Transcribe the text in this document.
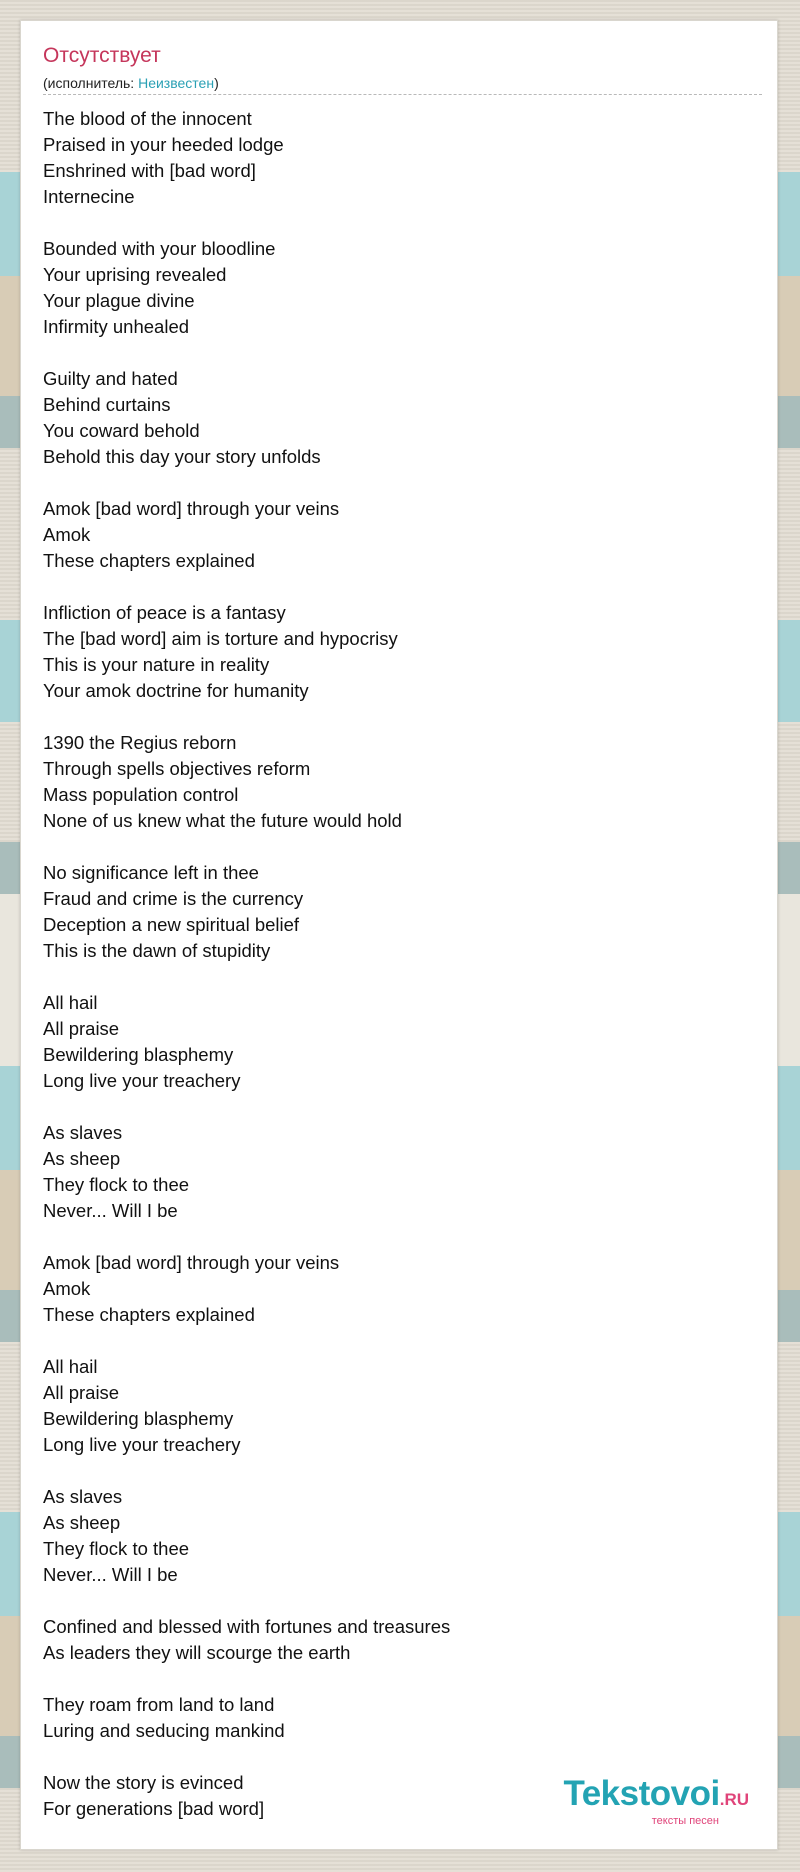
Отсутствует
(исполнитель: Неизвестен)
The blood of the innocent
Praised in your heeded lodge
Enshrined with [bad word]
Internecine
Bounded with your bloodline
Your uprising revealed
Your plague divine
Infirmity unhealed
Guilty and hated
Behind curtains
You coward behold
Behold this day your story unfolds
Amok [bad word] through your veins
Amok
These chapters explained
Infliction of peace is a fantasy
The [bad word] aim is torture and hypocrisy
This is your nature in reality
Your amok doctrine for humanity
1390 the Regius reborn
Through spells objectives reform
Mass population control
None of us knew what the future would hold
No significance left in thee
Fraud and crime is the currency
Deception a new spiritual belief
This is the dawn of stupidity
All hail
All praise
Bewildering blasphemy
Long live your treachery
As slaves
As sheep
They flock to thee
Never... Will I be
Amok [bad word] through your veins
Amok
These chapters explained
All hail
All praise
Bewildering blasphemy
Long live your treachery
As slaves
As sheep
They flock to thee
Never... Will I be
Confined and blessed with fortunes and treasures
As leaders they will scourge the earth
They roam from land to land
Luring and seducing mankind
Now the story is evinced
For generations [bad word]	Tekstovoi.RU
тексты песен
